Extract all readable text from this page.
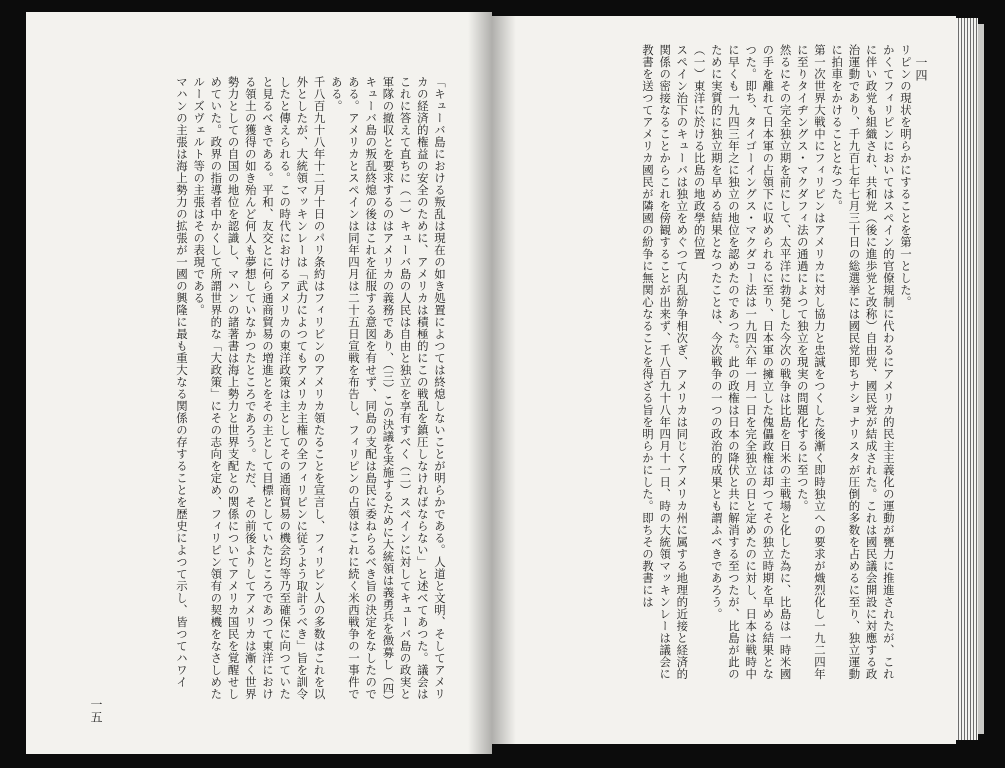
「キューバ島における叛乱は現在の如き処置によつては終熄しないことが明らかである。人道と文明、そしてアメリカの経済的権益の安全のために、アメリカは積極的にこの戦乱を鎮圧しなければならない」と述べてあつた。議会はこれに答えて直ちに（一）キューバ島の人民は自由と独立を享有すべく（二）スペインに対してキューバ島の政実と軍隊の撤収とを要求するのはアメリカの義務であり、（三）この決議を実施するために大統領は義勇兵を徴募し（四）キューバ島の叛乱終熄の後はこれを征服する意図を有せず、同島の支配は島民に委ねらるべき旨の決定をなしたのである。アメリカとスペインは同年四月は二十五日宣戦を布告し、フィリピンの占領はこれに続く米西戦争の一事件である。
千八百九十八年十二月十日のパリ条約はフィリピンのアメリカ領たることを宣言し、フィリピン人の多数はこれを以外としたが、大統領マッキンレーは「武力によつてもアメリカ主権の全フィリピンに従うよう取計うべき」旨を訓令したと傳えられる。この時代におけるアメリカの東洋政策は主としてその通商貿易の機会均等乃至確保に向つていたと見るべきである。平和、友交とに何ら通商貿易の増進とをその主として目標としていたところであつて東洋における領土の獲得の如き殆んど何人も夢想していなかつたところであろう。ただ、その前後よりしてアメリカは漸く世界勢力としての自国の地位を認識し、マハンの諸著書は海上勢力と世界支配との関係についてアメリカ国民を覚醒せしめていた。政界の指導者中かくして所謂世界的な「大政策」にその志向を定め、フィリピン領有の契機をなさしめたルーズヴェルト等の主張はその表現である。
マハンの主張は海上勢力の拡張が一國の興隆に最も重大なる関係の存することを歴史によつて示し、皆つてハワイ
一五
リピンの現状を明らかにすることを第一とした。
かくてフィリピンにおいてはスペイン的官僚規制に代わるにアメリカ的民主主義化の運動が甕力に推進されたが、これに伴い政党も組織され、共和党（後に進歩党と改称）自由党、國民党が結成された。これは國民議会開設に対應する政治運動であり、千九百七年七月三十日の総選挙には國民党即ちナショナリスタが圧倒的多数を占めるに至り、独立運動に拍車をかけることとなつた。
第一次世界大戦中にフィリピンはアメリカに対し協力と忠誠をつくした後漸く即時独立への要求が熾烈化し一九二四年に至りタイヂングス・マクダフィ法の通過によつて独立を現実の問題化するに至つた。
然るにその完全独立期を前にして、太平洋に勃発した今次の戦争は比島を日米の主戦場と化した為に、比島は一時米國の手を離れて日本軍の占領下に収められるに至り、日本軍の擁立した傀儡政権は却つてその独立時期を早める結果となつた。即ち、タイゴーイングス・マクダコー法は一九四六年一月一日を完全独立の日と定めたのに対し、日本は戦時中に早くも一九四三年之に独立の地位を認めたのであつた。此の政権は日本の降伏と共に解消する至つたが、比島が此のために実質的に独立期を早める結果となつたことは、今次戦争の一つの政治的成果とも謂ふべきであろう。
（一）東洋に於ける比島の地政學的位置
スペイン治下のキューバは独立をめぐつて内乱紛争相次ぎ、アメリカは同じくアメリカ州に属する地理的近接と経済的関係の密接なることからこれを傍観することが出来ず、千八百九十八年四月十一日、時の大統領マッキンレーは議会に教書を送つてアメリカ國民が隣國の紛争に無関心なることを得ざる旨を明らかにした。即ちその教書には	一四
